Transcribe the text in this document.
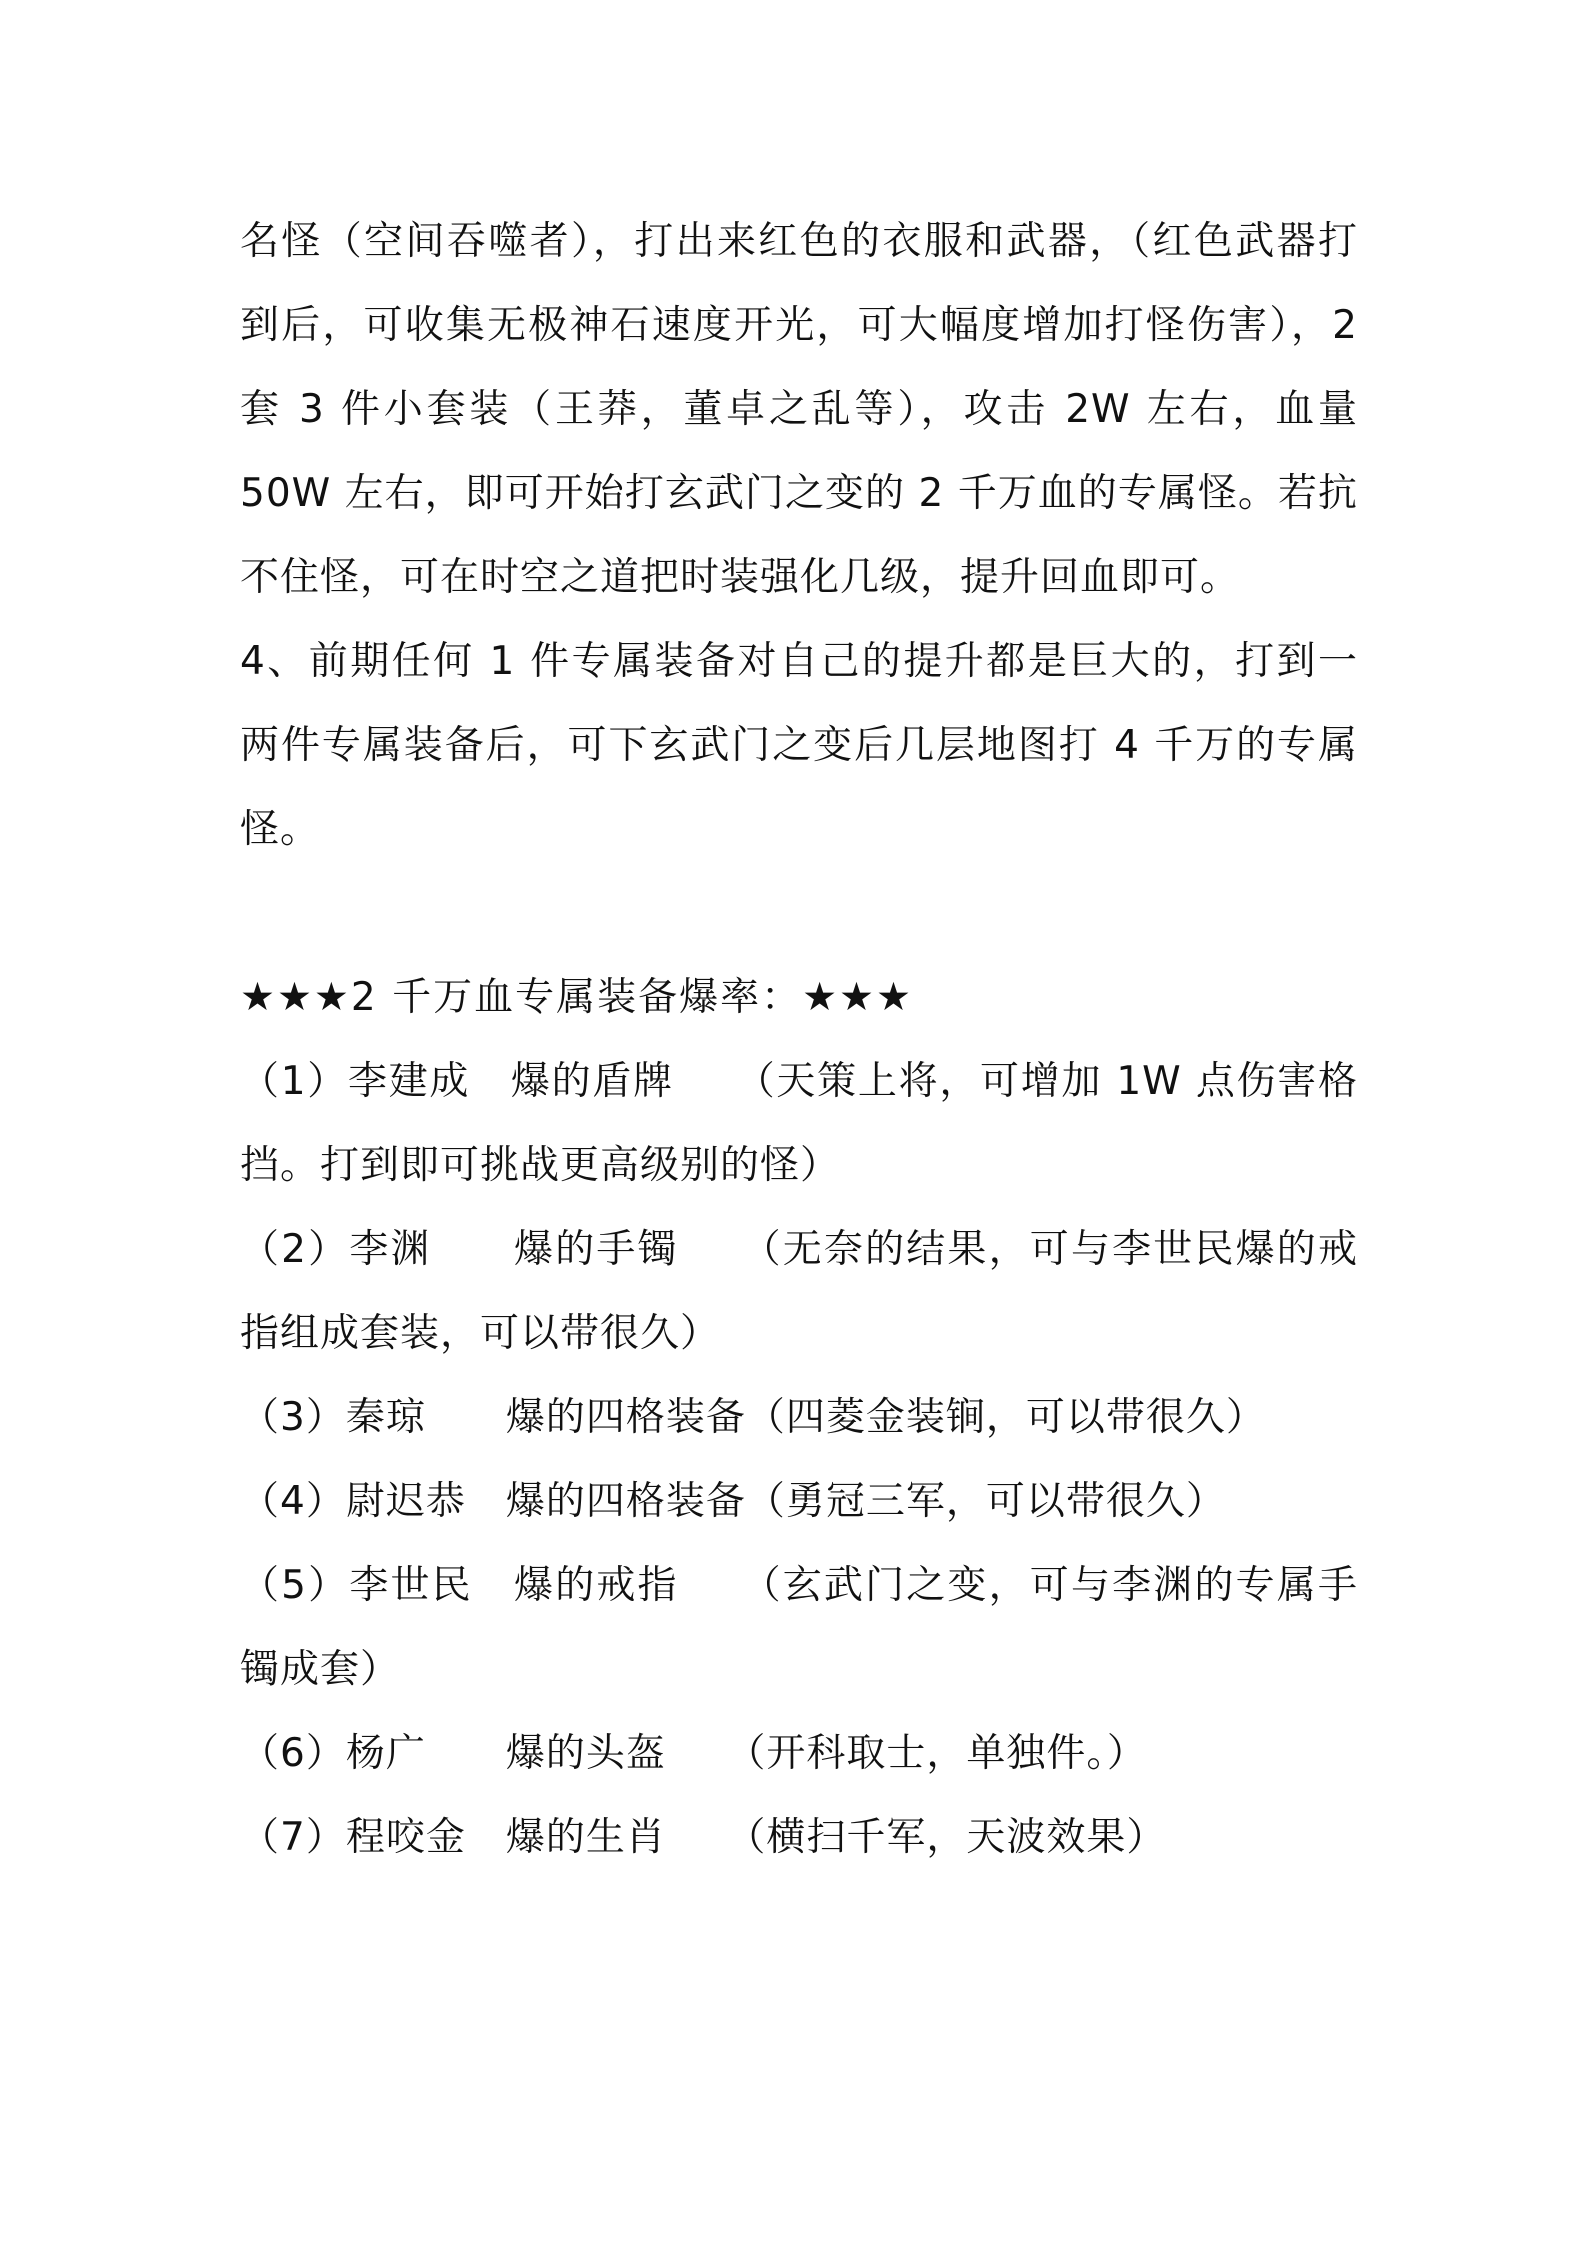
名怪（空间吞噬者），打出来红色的衣服和武器，（红色武器打到后，可收集无极神石速度开光，可大幅度增加打怪伤害），2 套 3 件小套装（王莽，董卓之乱等），攻击 2W 左右，血量 50W 左右，即可开始打玄武门之变的 2 千万血的专属怪。若抗不住怪，可在时空之道把时装强化几级，提升回血即可。

4、前期任何 1 件专属装备对自己的提升都是巨大的，打到一两件专属装备后，可下玄武门之变后几层地图打 4 千万的专属怪。

★★★2 千万血专属装备爆率：★★★

（1）李建成　爆的盾牌　　（天策上将，可增加 1W 点伤害格挡。打到即可挑战更高级别的怪）

（2）李渊　　爆的手镯　　（无奈的结果，可与李世民爆的戒指组成套装，可以带很久）

（3）秦琼　　爆的四格装备（四菱金装锏，可以带很久）

（4）尉迟恭　爆的四格装备（勇冠三军，可以带很久）

（5）李世民　爆的戒指　　（玄武门之变，可与李渊的专属手镯成套）

（6）杨广　　爆的头盔　　（开科取士，单独件。）

（7）程咬金　爆的生肖　　（横扫千军，天波效果）
